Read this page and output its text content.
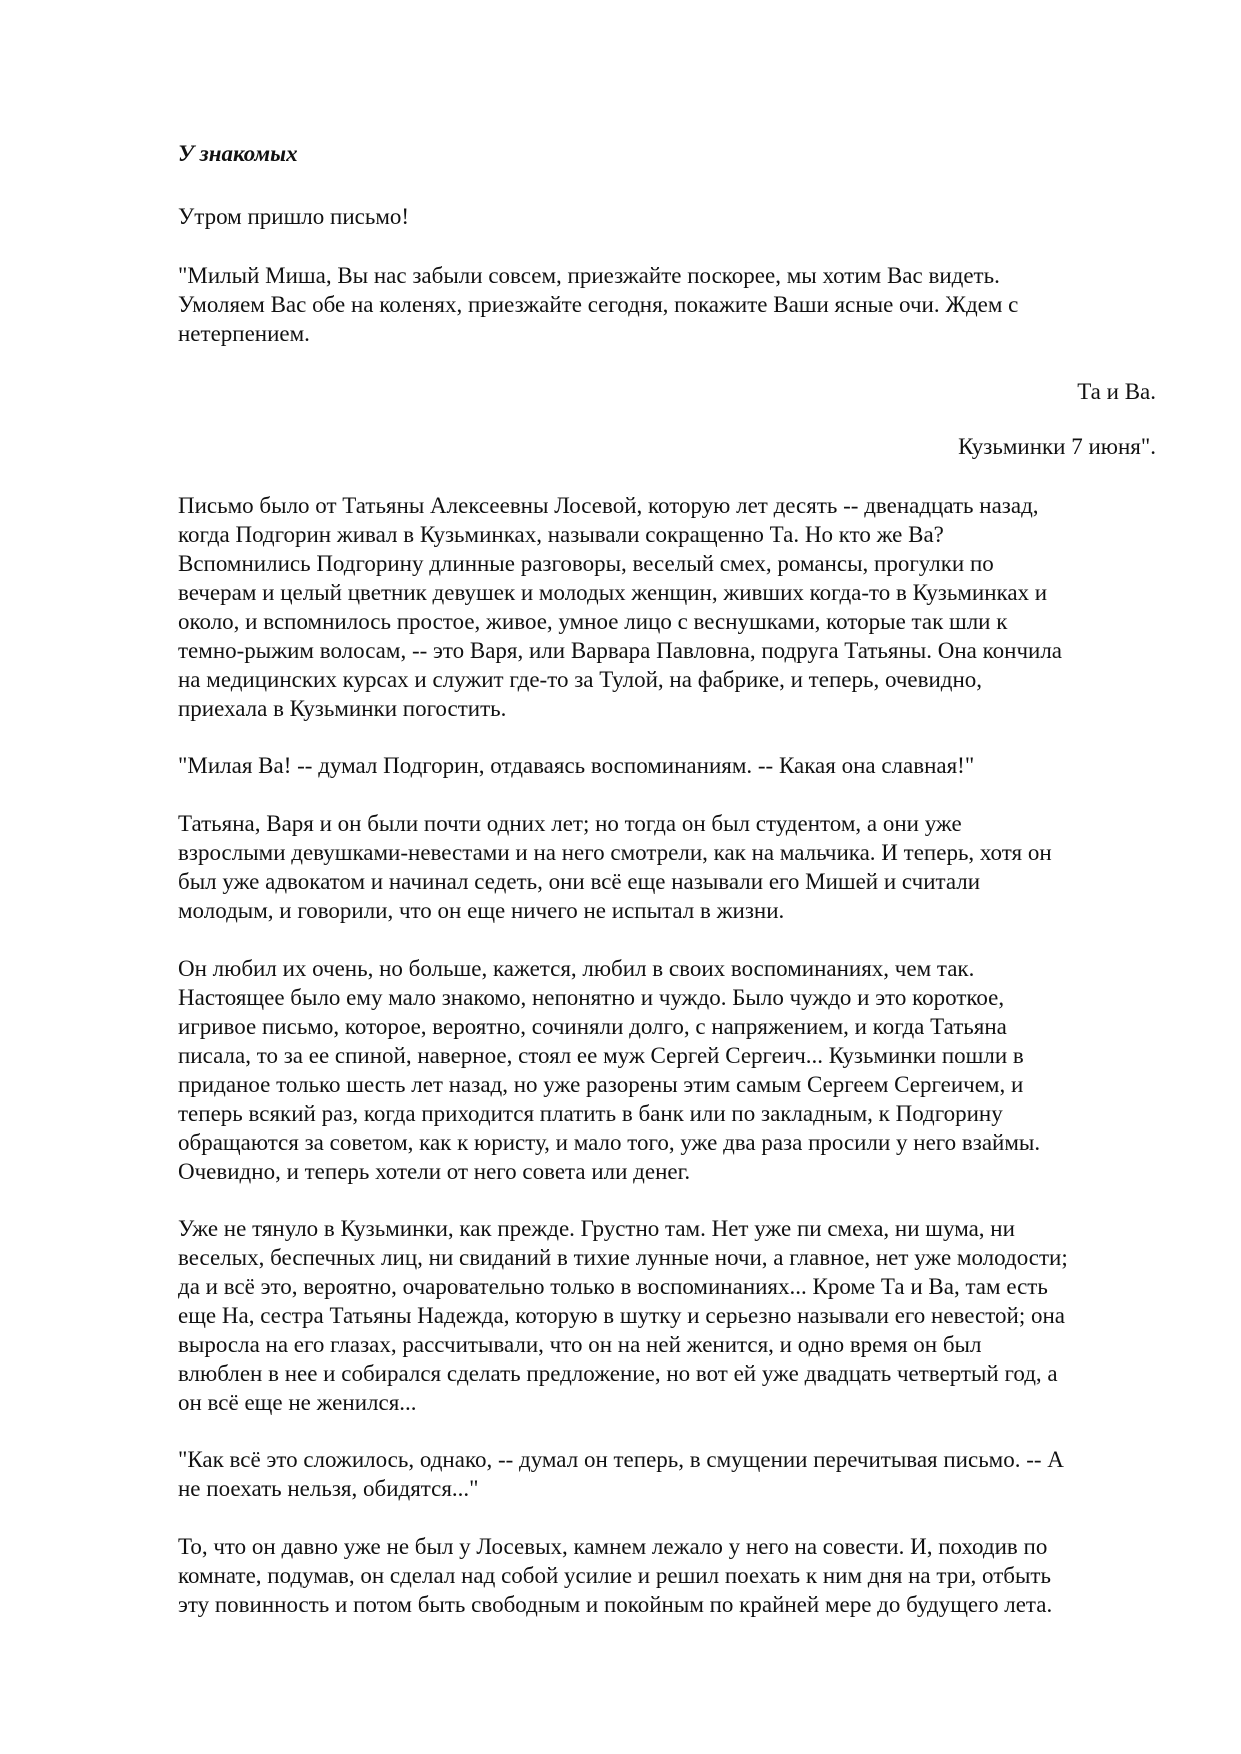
У знакомых
Утром пришло письмо!
"Милый Миша, Вы нас забыли совсем, приезжайте поскорее, мы хотим Вас видеть.
Умоляем Вас обе на коленях, приезжайте сегодня, покажите Ваши ясные очи. Ждем с
нетерпением.
Та и Ва.
Кузьминки 7 июня".
Письмо было от Татьяны Алексеевны Лосевой, которую лет десять -- двенадцать назад,
когда Подгорин живал в Кузьминках, называли сокращенно Та. Но кто же Ва?
Вспомнились Подгорину длинные разговоры, веселый смех, романсы, прогулки по
вечерам и целый цветник девушек и молодых женщин, живших когда-то в Кузьминках и
около, и вспомнилось простое, живое, умное лицо с веснушками, которые так шли к
темно-рыжим волосам, -- это Варя, или Варвара Павловна, подруга Татьяны. Она кончила
на медицинских курсах и служит где-то за Тулой, на фабрике, и теперь, очевидно,
приехала в Кузьминки погостить.
"Милая Ва! -- думал Подгорин, отдаваясь воспоминаниям. -- Какая она славная!"
Татьяна, Варя и он были почти одних лет; но тогда он был студентом, а они уже
взрослыми девушками-невестами и на него смотрели, как на мальчика. И теперь, хотя он
был уже адвокатом и начинал седеть, они всё еще называли его Мишей и считали
молодым, и говорили, что он еще ничего не испытал в жизни.
Он любил их очень, но больше, кажется, любил в своих воспоминаниях, чем так.
Настоящее было ему мало знакомо, непонятно и чуждо. Было чуждо и это короткое,
игривое письмо, которое, вероятно, сочиняли долго, с напряжением, и когда Татьяна
писала, то за ее спиной, наверное, стоял ее муж Сергей Сергеич... Кузьминки пошли в
приданое только шесть лет назад, но уже разорены этим самым Сергеем Сергеичем, и
теперь всякий раз, когда приходится платить в банк или по закладным, к Подгорину
обращаются за советом, как к юристу, и мало того, уже два раза просили у него взаймы.
Очевидно, и теперь хотели от него совета или денег.
Уже не тянуло в Кузьминки, как прежде. Грустно там. Нет уже пи смеха, ни шума, ни
веселых, беспечных лиц, ни свиданий в тихие лунные ночи, а главное, нет уже молодости;
да и всё это, вероятно, очаровательно только в воспоминаниях... Кроме Та и Ва, там есть
еще На, сестра Татьяны Надежда, которую в шутку и серьезно называли его невестой; она
выросла на его глазах, рассчитывали, что он на ней женится, и одно время он был
влюблен в нее и собирался сделать предложение, но вот ей уже двадцать четвертый год, а
он всё еще не женился...
"Как всё это сложилось, однако, -- думал он теперь, в смущении перечитывая письмо. -- А
не поехать нельзя, обидятся..."
То, что он давно уже не был у Лосевых, камнем лежало у него на совести. И, походив по
комнате, подумав, он сделал над собой усилие и решил поехать к ним дня на три, отбыть
эту повинность и потом быть свободным и покойным по крайней мере до будущего лета.
